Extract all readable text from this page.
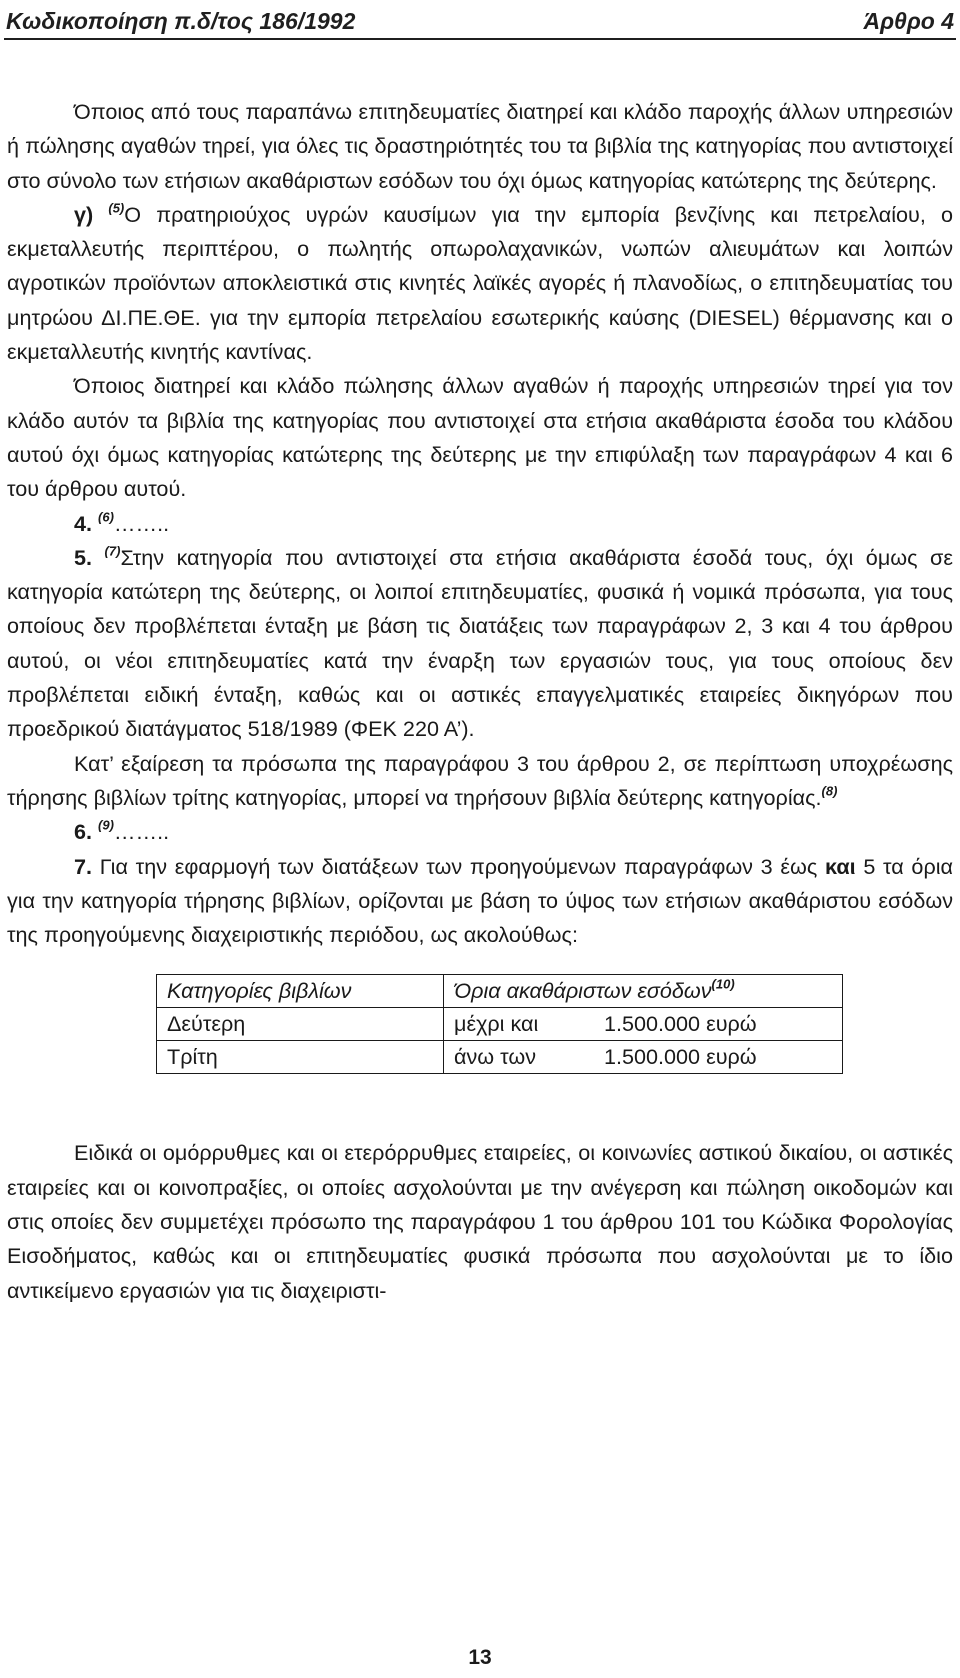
Κωδικοποίηση π.δ/τος 186/1992	Άρθρο 4

Όποιος από τους παραπάνω επιτηδευματίες διατηρεί και κλάδο παροχής άλλων υπηρεσιών ή πώλησης αγαθών τηρεί, για όλες τις δραστηριότητές του τα βιβλία της κατηγορίας που αντιστοιχεί στο σύνολο των ετήσιων ακαθάριστων εσόδων του όχι όμως κατηγορίας κατώτερης της δεύτερης.

γ) $^{(5)}$Ο πρατηριούχος υγρών καυσίμων για την εμπορία βενζίνης και πετρελαίου, ο εκμεταλλευτής περιπτέρου, ο πωλητής οπωρολαχανικών, νωπών αλιευμάτων και λοιπών αγροτικών προϊόντων αποκλειστικά στις κινητές λαϊκές αγορές ή πλανοδίως, ο επιτηδευματίας του μητρώου ΔΙ.ΠΕ.ΘΕ. για την εμπορία πετρελαίου εσωτερικής καύσης (DIESEL) θέρμανσης και ο εκμεταλλευτής κινητής καντίνας.

Όποιος διατηρεί και κλάδο πώλησης άλλων αγαθών ή παροχής υπηρεσιών τηρεί για τον κλάδο αυτόν τα βιβλία της κατηγορίας που αντιστοιχεί στα ετήσια ακαθάριστα έσοδα του κλάδου αυτού όχι όμως κατηγορίας κατώτερης της δεύτερης με την επιφύλαξη των παραγράφων 4 και 6 του άρθρου αυτού.

4. $^{(6)}$……..

5. $^{(7)}$Στην κατηγορία που αντιστοιχεί στα ετήσια ακαθάριστα έσοδά τους, όχι όμως σε κατηγορία κατώτερη της δεύτερης, οι λοιποί επιτηδευματίες, φυσικά ή νομικά πρόσωπα, για τους οποίους δεν προβλέπεται ένταξη με βάση τις διατάξεις των παραγράφων 2, 3 και 4 του άρθρου αυτού, οι νέοι επιτηδευματίες κατά την έναρξη των εργασιών τους, για τους οποίους δεν προβλέπεται ειδική ένταξη, καθώς και οι αστικές επαγγελματικές εταιρείες δικηγόρων που προεδρικού διατάγματος 518/1989 (ΦΕΚ 220 Α’).

Κατ’ εξαίρεση τα πρόσωπα της παραγράφου 3 του άρθρου 2, σε περίπτωση υποχρέωσης τήρησης βιβλίων τρίτης κατηγορίας, μπορεί να τηρήσουν βιβλία δεύτερης κατηγορίας.$^{(8)}$

6. $^{(9)}$……..

7. Για την εφαρμογή των διατάξεων των προηγούμενων παραγράφων 3 έως και 5 τα όρια για την κατηγορία τήρησης βιβλίων, ορίζονται με βάση το ύψος των ετήσιων ακαθάριστου εσόδων της προηγούμενης διαχειριστικής περιόδου, ως ακολούθως:

Κατηγορίες βιβλίων	Όρια ακαθάριστων εσόδων$^{(10)}$
Δεύτερη	μέχρι και 1.500.000 ευρώ
Τρίτη	άνω των 1.500.000 ευρώ

Ειδικά οι ομόρρυθμες και οι ετερόρρυθμες εταιρείες, οι κοινωνίες αστικού δικαίου, οι αστικές εταιρείες και οι κοινοπραξίες, οι οποίες ασχολούνται με την ανέγερση και πώληση οικοδομών και στις οποίες δεν συμμετέχει πρόσωπο της παραγράφου 1 του άρθρου 101 του Κώδικα Φορολογίας Εισοδήματος, καθώς και οι επιτηδευματίες φυσικά πρόσωπα που ασχολούνται με το ίδιο αντικείμενο εργασιών για τις διαχειριστι-

13
